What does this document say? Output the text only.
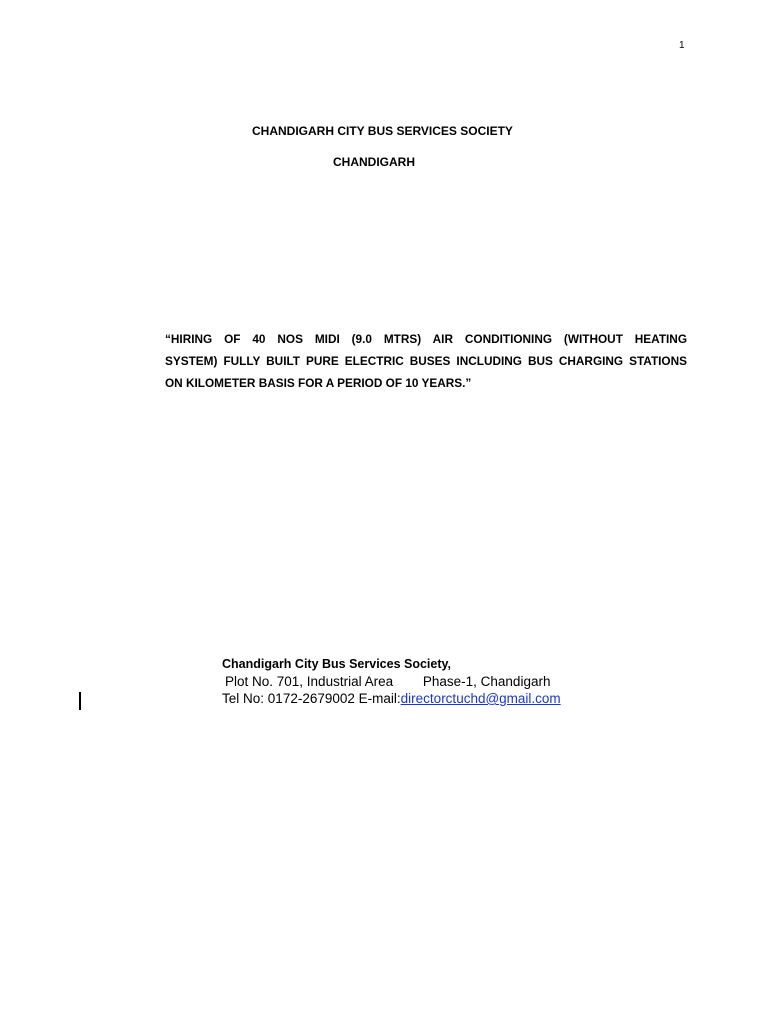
1
CHANDIGARH CITY BUS SERVICES SOCIETY
CHANDIGARH
“HIRING OF 40 NOS MIDI (9.0 MTRS) AIR CONDITIONING (WITHOUT HEATING
SYSTEM) FULLY BUILT PURE ELECTRIC BUSES INCLUDING BUS CHARGING STATIONS
ON KILOMETER BASIS FOR A PERIOD OF 10 YEARS.”
Chandigarh City Bus Services Society,
Plot No. 701, Industrial Area Phase-1, Chandigarh
Tel No: 0172-2679002 E-mail:directorctuchd@gmail.com
